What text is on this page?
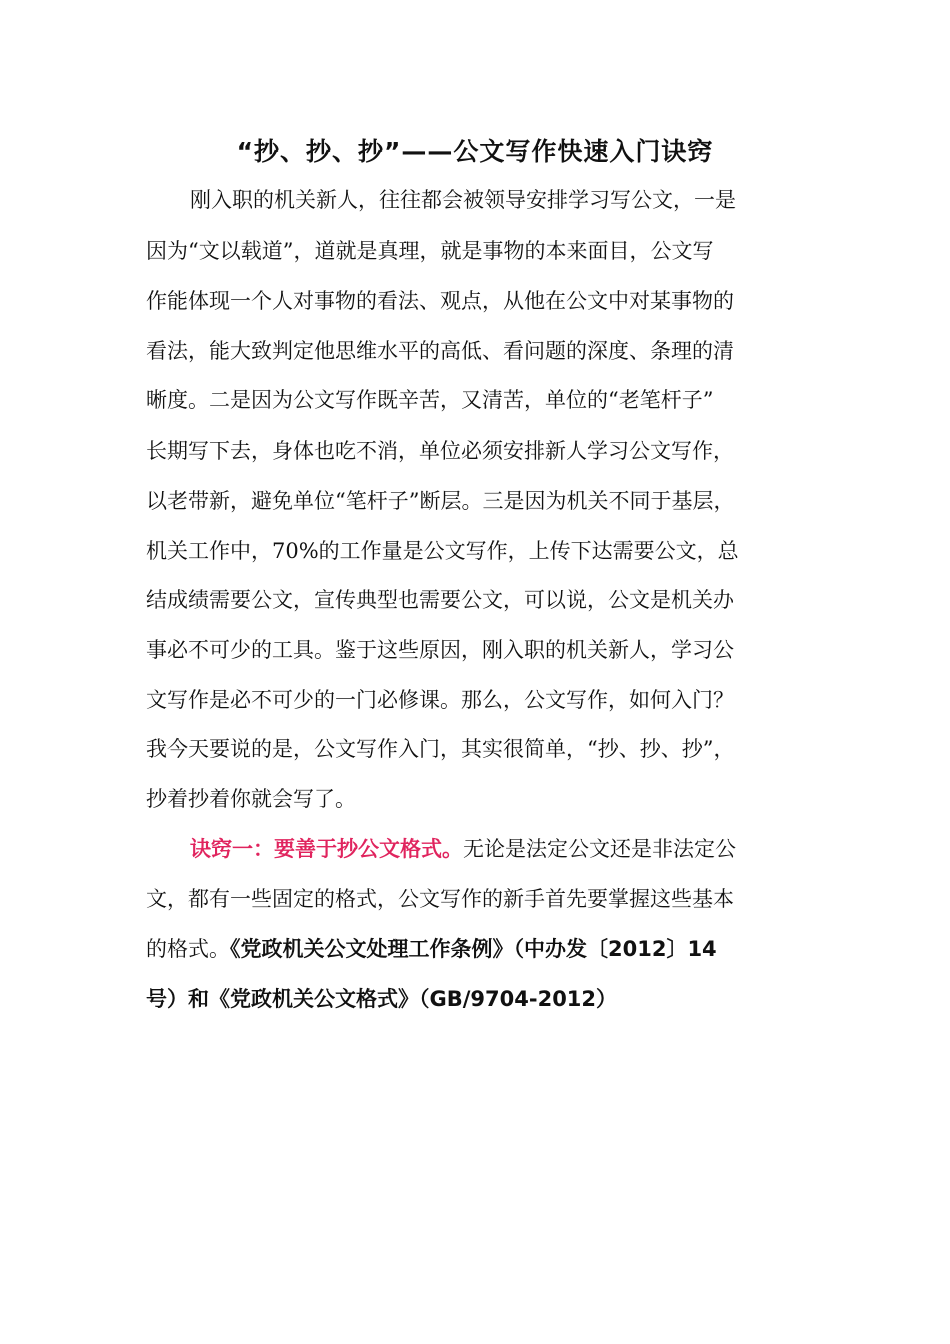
“抄、抄、抄”——公文写作快速入门诀窍
刚入职的机关新人，往往都会被领导安排学习写公文，一是
因为“文以载道”，道就是真理，就是事物的本来面目，公文写
作能体现一个人对事物的看法、观点，从他在公文中对某事物的
看法，能大致判定他思维水平的高低、看问题的深度、条理的清
晰度。二是因为公文写作既辛苦，又清苦，单位的“老笔杆子”
长期写下去，身体也吃不消，单位必须安排新人学习公文写作，
以老带新，避免单位“笔杆子”断层。三是因为机关不同于基层，
机关工作中，70%的工作量是公文写作，上传下达需要公文，总
结成绩需要公文，宣传典型也需要公文，可以说，公文是机关办
事必不可少的工具。鉴于这些原因，刚入职的机关新人，学习公
文写作是必不可少的一门必修课。那么，公文写作，如何入门？
我今天要说的是，公文写作入门，其实很简单，“抄、抄、抄”，
抄着抄着你就会写了。
诀窍一：要善于抄公文格式。无论是法定公文还是非法定公
文，都有一些固定的格式，公文写作的新手首先要掌握这些基本
的格式。《党政机关公文处理工作条例》（中办发〔2012〕14
号）和《党政机关公文格式》（GB/9704-2012）
